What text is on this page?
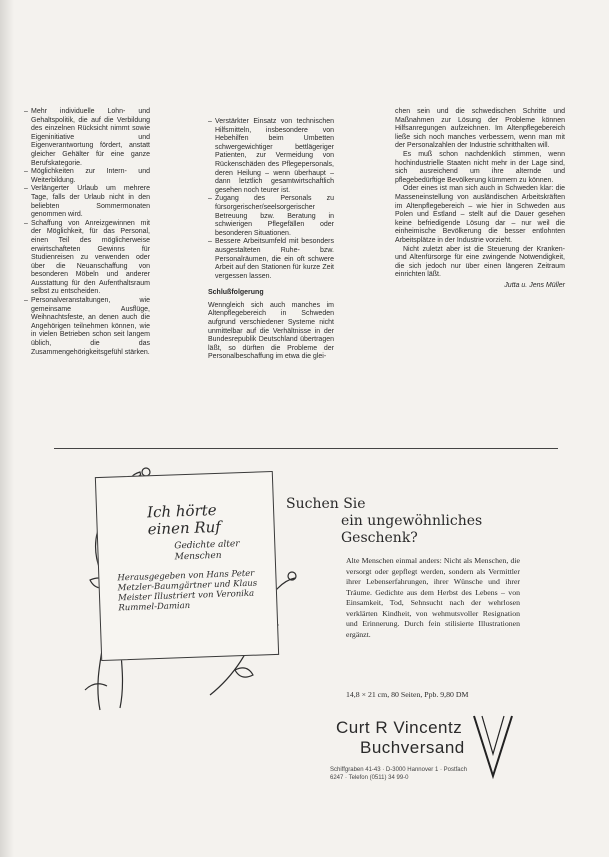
– Mehr individuelle Lohn- und Gehaltspolitik, die auf die Verbildung des einzelnen Rücksicht nimmt sowie Eigeninitiative und Eigenverantwortung fördert, anstatt gleicher Gehälter für eine ganze Berufskategorie.
– Möglichkeiten zur Intern- und Weiterbildung.
– Verlängerter Urlaub um mehrere Tage, falls der Urlaub nicht in den beliebten Sommermonaten genommen wird.
– Schaffung von Anreizgewinnen mit der Möglichkeit, für das Personal, einen Teil des möglicherweise erwirtschafteten Gewinns für Studienreisen zu verwenden oder über die Neuanschaffung von besonderen Möbeln und anderer Ausstattung für den Aufenthaltsraum selbst zu entscheiden.
– Personalveranstaltungen, wie gemeinsame Ausflüge, Weihnachtsfeste, an denen auch die Angehörigen teilnehmen können, wie in vielen Betrieben schon seit langem üblich, die das Zusammengehörigkeitsgefühl stärken.
– Verstärkter Einsatz von technischen Hilfsmitteln, insbesondere von Hebehilfen beim Umbetten schwergewichtiger bettlägeriger Patienten, zur Vermeidung von Rückenschäden des Pflegepersonals, deren Heilung – wenn überhaupt – dann letztlich gesamtwirtschaftlich gesehen noch teurer ist.
– Zugang des Personals zu fürsorgerischer/seelsorgerischer Betreuung bzw. Beratung in schwierigen Pflegefällen oder besonderen Situationen.
– Bessere Arbeitsumfeld mit besonders ausgestalteten Ruhe- bzw. Personalräumen, die ein oft schwere Arbeit auf den Stationen für kurze Zeit vergessen lassen.
Schlußfolgerung

Wenngleich sich auch manches im Altenpflegebereich in Schweden aufgrund verschiedener Systeme nicht unmittelbar auf die Verhältnisse in der Bundesrepublik Deutschland übertragen läßt, so dürften die Probleme der Personalbeschaffung im etwa die glei-

chen sein und die schwedischen Schritte und Maßnahmen zur Lösung der Probleme können Hilfsanregungen aufzeichnen. Im Altenpflegebereich ließe sich noch manches verbessern, wenn man mit der Personalzahlen der Industrie schritthalten will.

Es muß schon nachdenklich stimmen, wenn hochindustrielle Staaten nicht mehr in der Lage sind, sich ausreichend um ihre alternde und pflegebedürftige Bevölkerung kümmern zu können.

Oder eines ist man sich auch in Schweden klar: die Masseneinstellung von ausländischen Arbeitskräften im Altenpflegebereich – wie hier in Schweden aus Polen und Estland – stellt auf die Dauer gesehen keine befriedigende Lösung dar – nur weil die einheimische Bevölkerung die besser entlohnten Arbeitsplätze in der Industrie vorzieht.

Nicht zuletzt aber ist die Steuerung der Kranken- und Altenfürsorge für eine zwingende Notwendigkeit, die sich jedoch nur über einen längeren Zeitraum einrichten läßt.

Jutta u. Jens Müller
Ich hörte einen Ruf
Gedichte alter Menschen
Herausgegeben von Hans Peter Metzler-Baumgärtner und Klaus Meister Illustriert von Veronika Rummel-Damian
Suchen Sie
ein ungewöhnliches Geschenk?
Alte Menschen einmal anders: Nicht als Menschen, die versorgt oder gepflegt werden, sondern als Vermittler ihrer Lebenserfahrungen, ihrer Wünsche und ihrer Träume. Gedichte aus dem Herbst des Lebens – von Einsamkeit, Tod, Sehnsucht nach der wehrlosen verklärten Kindheit, von wehmutsvoller Resignation und Erinnerung. Durch fein stilisierte Illustrationen ergänzt.
14,8 × 21 cm, 80 Seiten, Ppb. 9,80 DM
Curt R Vincentz
Buchversand
Schiffgraben 41-43 · D-3000 Hannover 1 · Postfach 6247 · Telefon (0511) 34 99-0
